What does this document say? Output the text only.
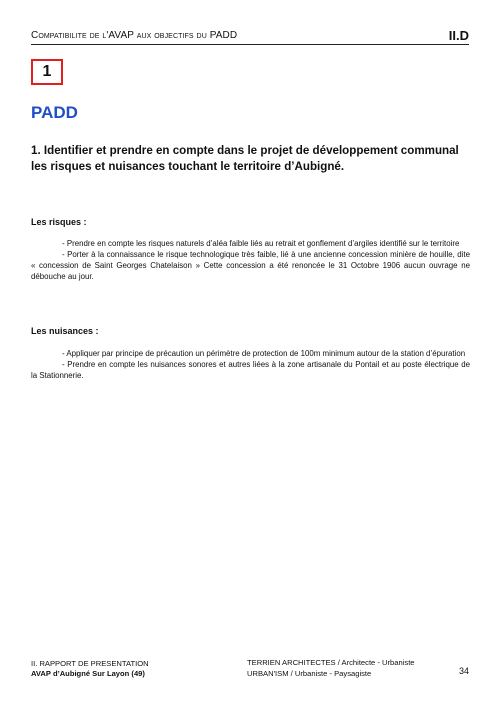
Compatibilite de l'AVAP aux objectifs du PADD	II.D
1
PADD
1. Identifier et prendre en compte dans le projet de développement communal les risques et nuisances touchant le territoire d’Aubigné.
Les risques :

- Prendre en compte les risques naturels d’aléa faible liés au retrait et gonflement d’argiles identifié sur le territoire
- Porter à la connaissance le risque technologique très faible, lié à une ancienne concession minière de houille, dite « concession de Saint Georges Chatelaison » Cette concession a été renoncée le 31 Octobre 1906 aucun ouvrage ne débouche au jour.

Les nuisances :

- Appliquer par principe de précaution un périmètre de protection de 100m minimum autour de la station d’épuration
- Prendre en compte les nuisances sonores et autres liées à la zone artisanale du Pontail et au poste électrique de la Stationnerie.

II. RAPPORT DE PRESENTATION
AVAP d’Aubigné Sur Layon (49)
TERRIEN ARCHITECTES / Architecte - Urbaniste
URBAN'ISM / Urbaniste - Paysagiste	34
